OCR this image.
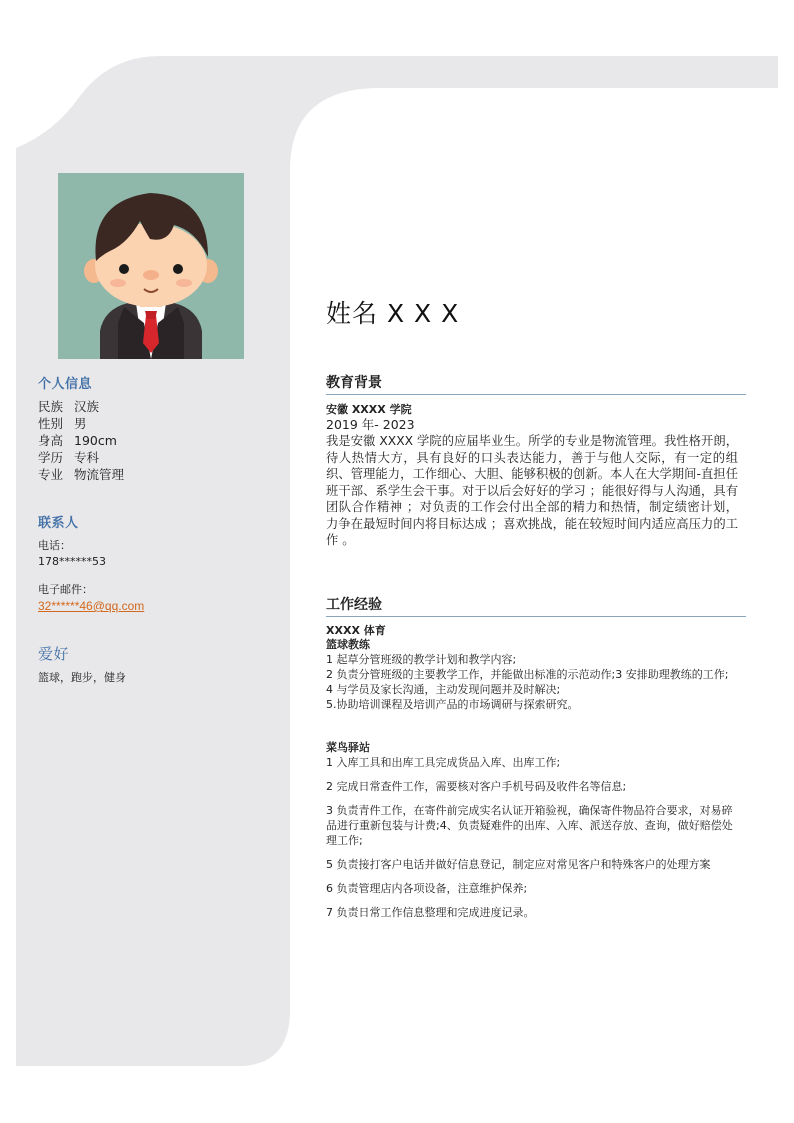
个人信息
民族 汉族
性别 男
身高 190cm
学历 专科
专业 物流管理
联系人
电话：
178******53
电子邮件：
32******46@qq.com
爱好
篮球，跑步，健身
姓名 X X X
教育背景
安徽 XXXX 学院
2019 年- 2023
我是安徽 XXXX 学院的应届毕业生。所学的专业是物流管理。我性格开朗，待人热情大方，具有良好的口头表达能力，善于与他人交际，有一定的组织、管理能力，工作细心、大胆、能够积极的创新。本人在大学期间-直担任班干部、系学生会干事。对于以后会好好的学习 ；能很好得与人沟通，具有团队合作精神 ；对负责的工作会付出全部的精力和热情，制定绩密计划， 力争在最短时间内将目标达成 ；喜欢挑战，能在较短时间内适应高压力的工作 。
工作经验
XXXX 体育
篮球教练

1 起草分管班级的教学计划和教学内容;

2 负责分管班级的主要教学工作，并能做出标准的示范动作;3 安排助理教练的工作;

4 与学员及家长沟通，主动发现问题并及时解决;

5.协助培训课程及培训产品的市场调研与探索研究。

菜鸟驿站

1 入库工具和出库工具完成货品入库、出库工作;

2 完成日常查件工作，需要核对客户手机号码及收件名等信息;

3 负责青件工作，在寄件前完成实名认证开箱验视，确保寄件物品符合要求，对易碎品进行重新包装与计费;4、负责疑难件的出库、入库、派送存放、查询，做好赔偿处理工作;

5 负责接打客户电话并做好信息登记，制定应对常见客户和特殊客户的处理方案

6 负责管理店内各项设备，注意维护保养;

7 负责日常工作信息整理和完成进度记录。
